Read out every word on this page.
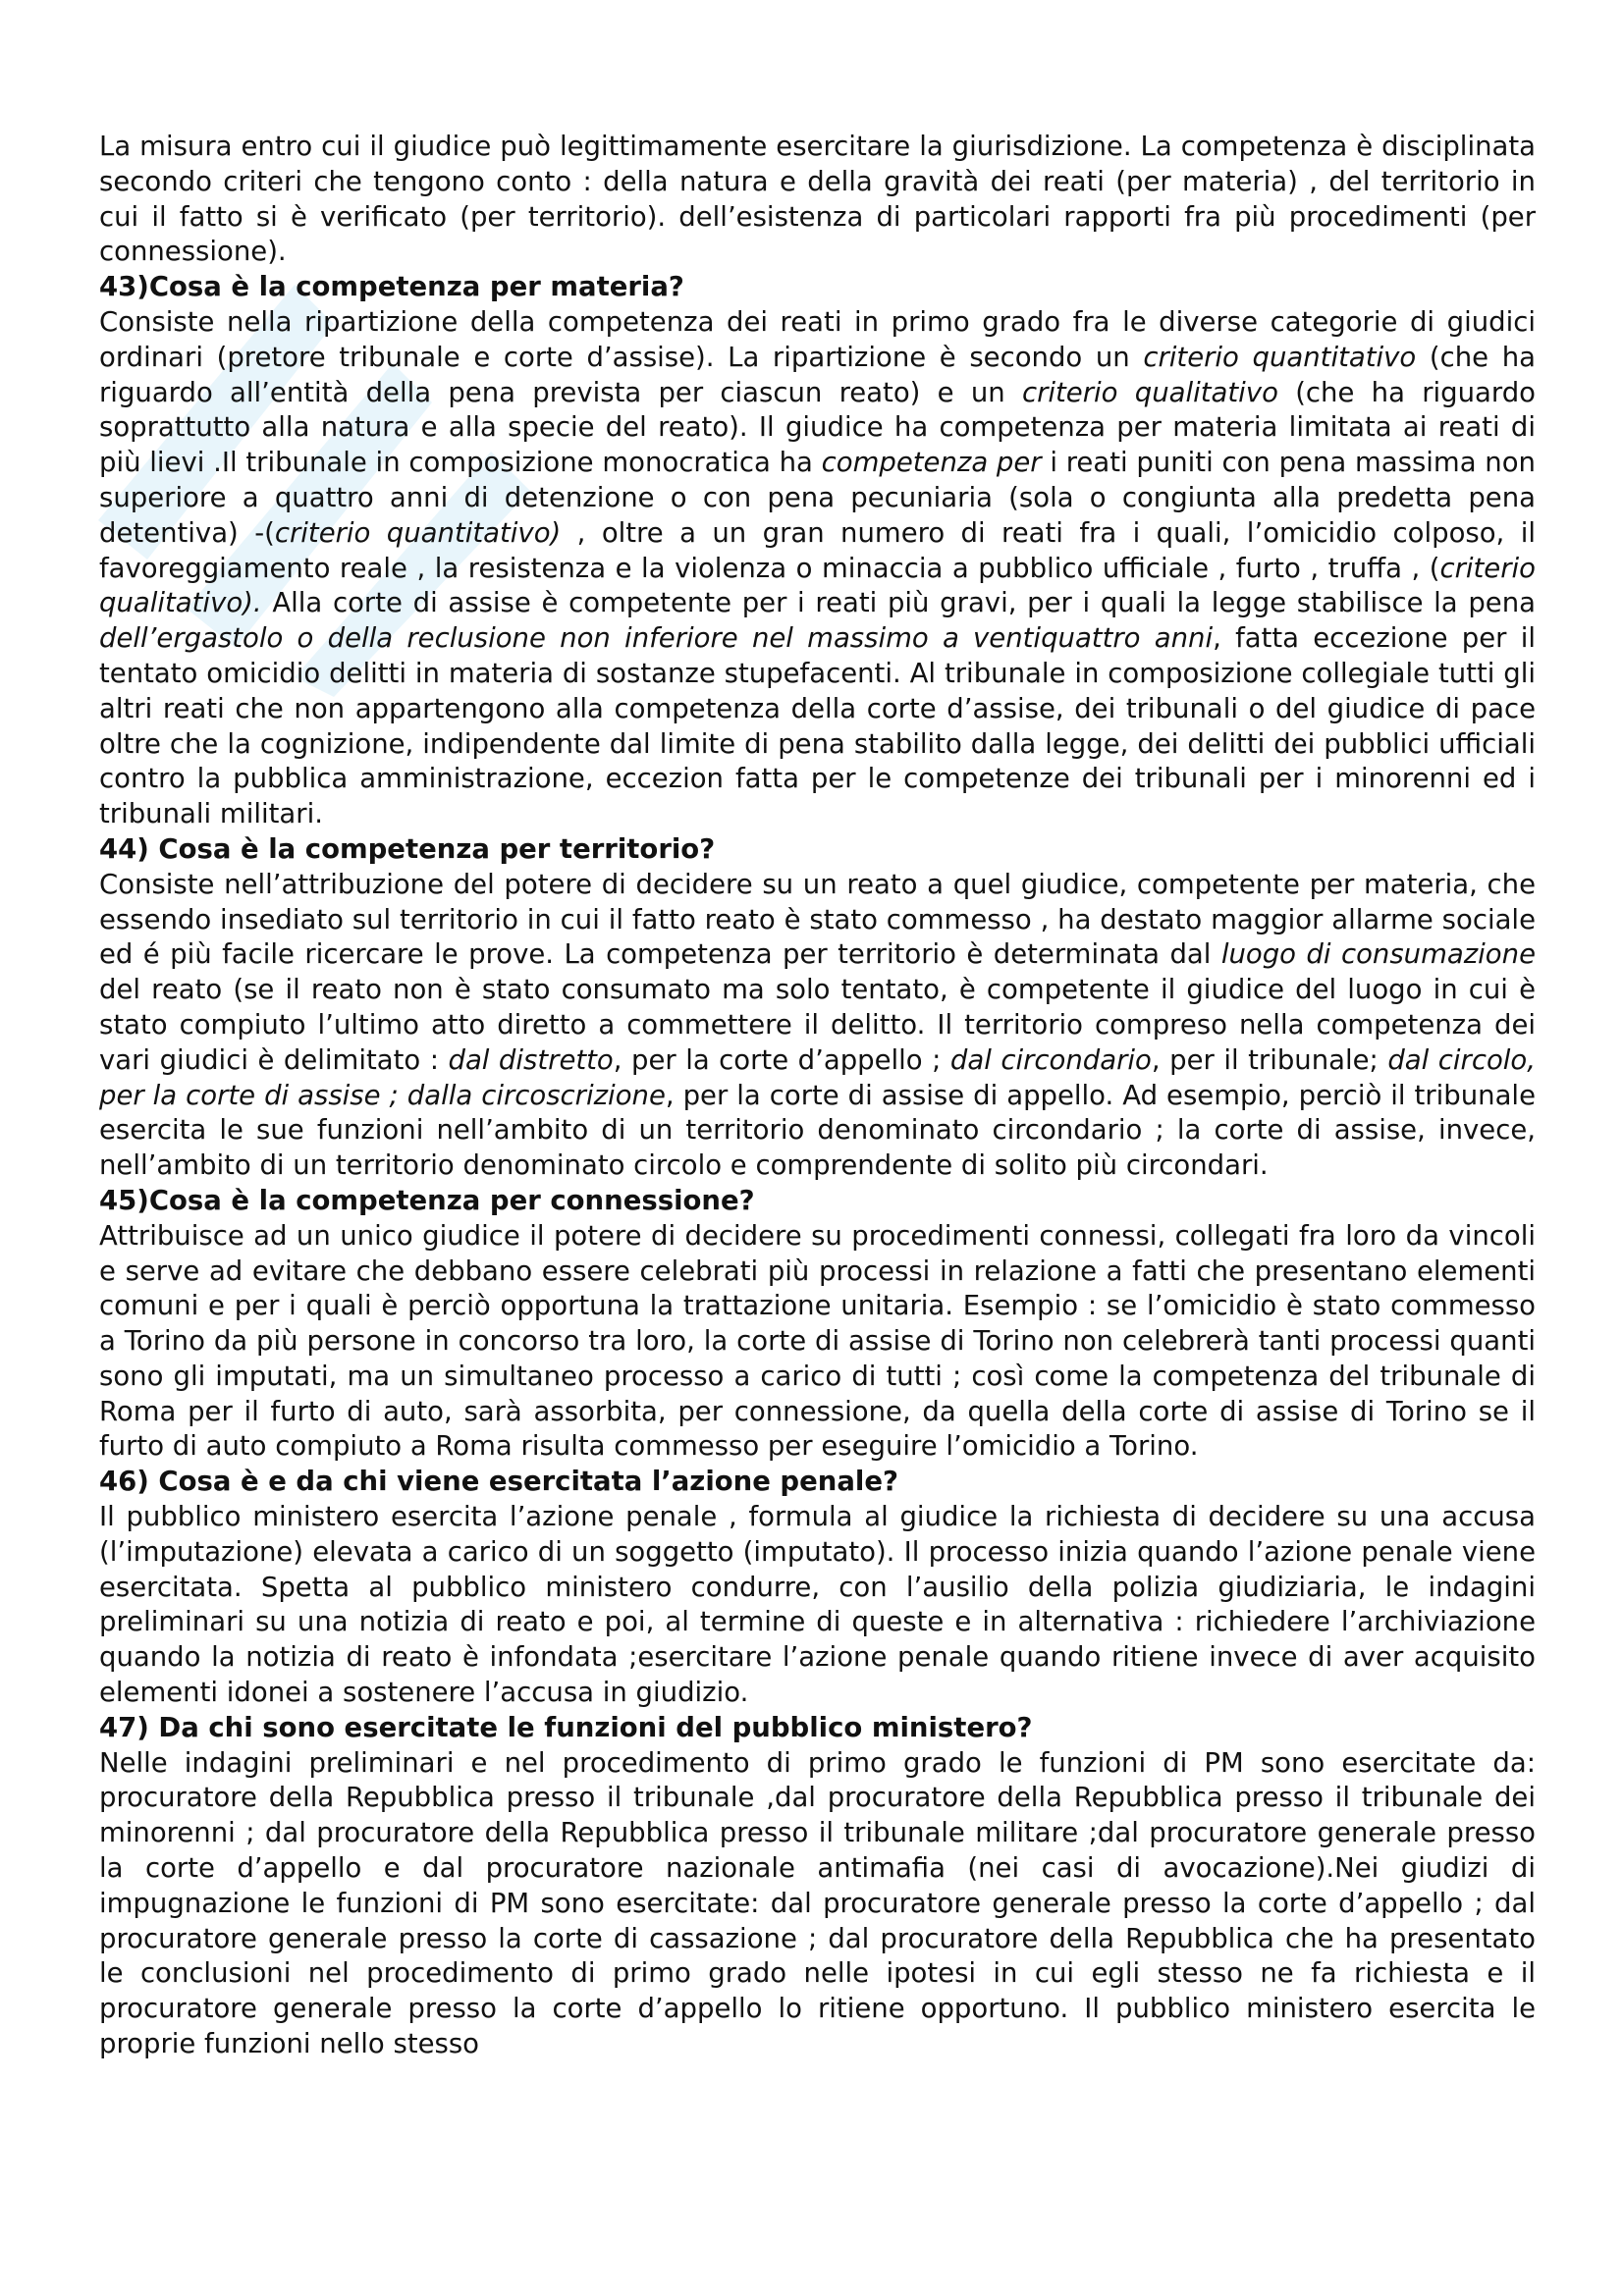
La misura entro cui il giudice può legittimamente esercitare la giurisdizione. La competenza è disciplinata secondo criteri che tengono conto : della natura e della gravità dei reati (per materia) , del territorio in cui il fatto si è verificato (per territorio). dell’esistenza di particolari rapporti fra più procedimenti (per connessione).

43)Cosa è la competenza per materia?

Consiste nella ripartizione della competenza dei reati in primo grado fra le diverse categorie di giudici ordinari (pretore tribunale e corte d’assise). La ripartizione è secondo un criterio quantitativo (che ha riguardo all’entità della pena prevista per ciascun reato) e un criterio qualitativo (che ha riguardo soprattutto alla natura e alla specie del reato). Il giudice ha competenza per materia limitata ai reati di più lievi .Il tribunale in composizione monocratica ha competenza per i reati puniti con pena massima non superiore a quattro anni di detenzione o con pena pecuniaria (sola o congiunta alla predetta pena detentiva) -(criterio quantitativo) , oltre a un gran numero di reati fra i quali, l’omicidio colposo, il favoreggiamento reale , la resistenza e la violenza o minaccia a pubblico ufficiale , furto , truffa , (criterio qualitativo). Alla corte di assise è competente per i reati più gravi, per i quali la legge stabilisce la pena dell’ergastolo o della reclusione non inferiore nel massimo a ventiquattro anni, fatta eccezione per il tentato omicidio delitti in materia di sostanze stupefacenti. Al tribunale in composizione collegiale tutti gli altri reati che non appartengono alla competenza della corte d’assise, dei tribunali o del giudice di pace oltre che la cognizione, indipendente dal limite di pena stabilito dalla legge, dei delitti dei pubblici ufficiali contro la pubblica amministrazione, eccezion fatta per le competenze dei tribunali per i minorenni ed i tribunali militari.

44) Cosa è la competenza per territorio?

Consiste nell’attribuzione del potere di decidere su un reato a quel giudice, competente per materia, che essendo insediato sul territorio in cui il fatto reato è stato commesso , ha destato maggior allarme sociale ed é più facile ricercare le prove. La competenza per territorio è determinata dal luogo di consumazione del reato (se il reato non è stato consumato ma solo tentato, è competente il giudice del luogo in cui è stato compiuto l’ultimo atto diretto a commettere il delitto. Il territorio compreso nella competenza dei vari giudici è delimitato : dal distretto, per la corte d’appello ; dal circondario, per il tribunale; dal circolo, per la corte di assise ; dalla circoscrizione, per la corte di assise di appello. Ad esempio, perciò il tribunale esercita le sue funzioni nell’ambito di un territorio denominato circondario ; la corte di assise, invece, nell’ambito di un territorio denominato circolo e comprendente di solito più circondari.

45)Cosa è la competenza per connessione?

Attribuisce ad un unico giudice il potere di decidere su procedimenti connessi, collegati fra loro da vincoli e serve ad evitare che debbano essere celebrati più processi in relazione a fatti che presentano elementi comuni e per i quali è perciò opportuna la trattazione unitaria. Esempio : se l’omicidio è stato commesso a Torino da più persone in concorso tra loro, la corte di assise di Torino non celebrerà tanti processi quanti sono gli imputati, ma un simultaneo processo a carico di tutti ; così come la competenza del tribunale di Roma per il furto di auto, sarà assorbita, per connessione, da quella della corte di assise di Torino se il furto di auto compiuto a Roma risulta commesso per eseguire l’omicidio a Torino.

46) Cosa è e da chi viene esercitata l’azione penale?

Il pubblico ministero esercita l’azione penale , formula al giudice la richiesta di decidere su una accusa (l’imputazione) elevata a carico di un soggetto (imputato). Il processo inizia quando l’azione penale viene esercitata. Spetta al pubblico ministero condurre, con l’ausilio della polizia giudiziaria, le indagini preliminari su una notizia di reato e poi, al termine di queste e in alternativa : richiedere l’archiviazione quando la notizia di reato è infondata ;esercitare l’azione penale quando ritiene invece di aver acquisito elementi idonei a sostenere l’accusa in giudizio.

47) Da chi sono esercitate le funzioni del pubblico ministero?

Nelle indagini preliminari e nel procedimento di primo grado le funzioni di PM sono esercitate da: procuratore della Repubblica presso il tribunale ,dal procuratore della Repubblica presso il tribunale dei minorenni ; dal procuratore della Repubblica presso il tribunale militare ;dal procuratore generale presso la corte d’appello e dal procuratore nazionale antimafia (nei casi di avocazione).Nei giudizi di impugnazione le funzioni di PM sono esercitate: dal procuratore generale presso la corte d’appello ; dal procuratore generale presso la corte di cassazione ; dal procuratore della Repubblica che ha presentato le conclusioni nel procedimento di primo grado nelle ipotesi in cui egli stesso ne fa richiesta e il procuratore generale presso la corte d’appello lo ritiene opportuno. Il pubblico ministero esercita le proprie funzioni nello stesso
